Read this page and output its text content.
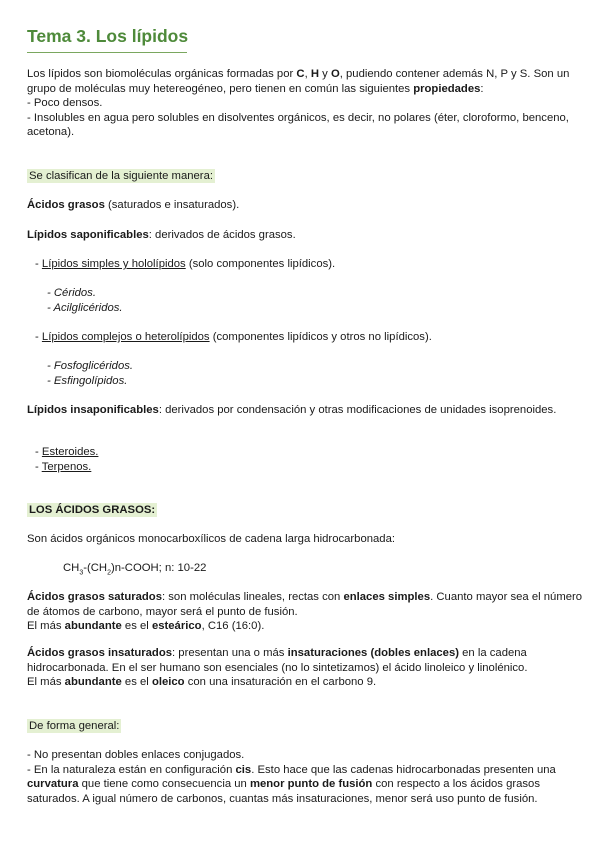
Tema 3. Los lípidos

Los lípidos son biomoléculas orgánicas formadas por C, H y O, pudiendo contener además N, P y S. Son un grupo de moléculas muy hetereogéneo, pero tienen en común las siguientes propiedades:

- Poco densos.

- Insolubles en agua pero solubles en disolventes orgánicos, es decir, no polares (éter, cloroformo, benceno, acetona).

Se clasifican de la siguiente manera:
Ácidos grasos (saturados e insaturados).
Lípidos saponificables: derivados de ácidos grasos.
- Lípidos simples y hololípidos (solo componentes lipídicos).

- Céridos.

- Acilglicéridos.

- Lípidos complejos o heterolípidos (componentes lipídicos y otros no lipídicos).

- Fosfoglicéridos.

- Esfingolípidos.

Lípidos insaponificables: derivados por condensación y otras modificaciones de unidades isoprenoides.

- Esteroides.

- Terpenos.

LOS ÁCIDOS GRASOS:
Son ácidos orgánicos monocarboxílicos de cadena larga hidrocarbonada:
$CH_3-(CH_2)n$-COOH; n: 10-22

Ácidos grasos saturados: son moléculas lineales, rectas con enlaces simples. Cuanto mayor sea el número de átomos de carbono, mayor será el punto de fusión.

El más abundante es el esteárico, C16 (16:0).

Ácidos grasos insaturados: presentan una o más insaturaciones (dobles enlaces) en la cadena hidrocarbonada. En el ser humano son esenciales (no lo sintetizamos) el ácido linoleico y linolénico.

El más abundante es el oleico con una insaturación en el carbono 9.

De forma general:

- No presentan dobles enlaces conjugados.

- En la naturaleza están en configuración cis. Esto hace que las cadenas hidrocarbonadas presenten una curvatura que tiene como consecuencia un menor punto de fusión con respecto a los ácidos grasos saturados. A igual número de carbonos, cuantas más insaturaciones, menor será uso punto de fusión.
